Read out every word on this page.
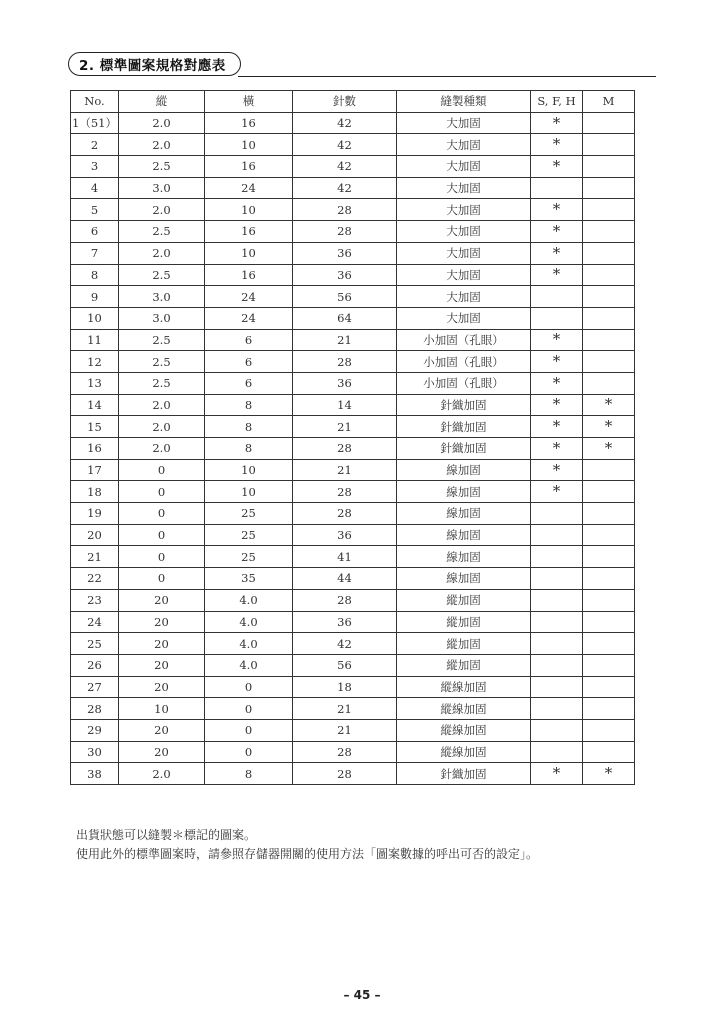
2. 標準圖案規格對應表
No.	縱	橫	針數	縫製種類	S, F, H	M
1（51）	2.0	16	42	大加固	*	
2	2.0	10	42	大加固	*	
3	2.5	16	42	大加固	*	
4	3.0	24	42	大加固		
5	2.0	10	28	大加固	*	
6	2.5	16	28	大加固	*	
7	2.0	10	36	大加固	*	
8	2.5	16	36	大加固	*	
9	3.0	24	56	大加固		
10	3.0	24	64	大加固		
11	2.5	6	21	小加固（孔眼）	*	
12	2.5	6	28	小加固（孔眼）	*	
13	2.5	6	36	小加固（孔眼）	*	
14	2.0	8	14	針織加固	*	*
15	2.0	8	21	針織加固	*	*
16	2.0	8	28	針織加固	*	*
17	0	10	21	線加固	*	
18	0	10	28	線加固	*	
19	0	25	28	線加固		
20	0	25	36	線加固		
21	0	25	41	線加固		
22	0	35	44	線加固		
23	20	4.0	28	縱加固		
24	20	4.0	36	縱加固		
25	20	4.0	42	縱加固		
26	20	4.0	56	縱加固		
27	20	0	18	縱線加固		
28	10	0	21	縱線加固		
29	20	0	21	縱線加固		
30	20	0	28	縱線加固		
38	2.0	8	28	針織加固	*	*

出貨狀態可以縫製＊標記的圖案。

使用此外的標準圖案時，請參照存儲器開關的使用方法「圖案數據的呼出可否的設定」。

– 45 –
